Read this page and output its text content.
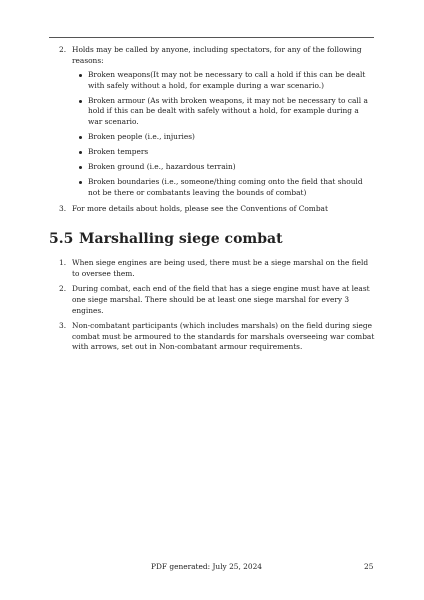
2. Holds may be called by anyone, including spectators, for any of the following reasons:
Broken weapons(It may not be necessary to call a hold if this can be dealt with safely without a hold, for example during a war scenario.)
Broken armour (As with broken weapons, it may not be necessary to call a hold if this can be dealt with safely without a hold, for example during a war scenario.
Broken people (i.e., injuries)
Broken tempers
Broken ground (i.e., hazardous terrain)
Broken boundaries (i.e., someone/thing coming onto the field that should not be there or combatants leaving the bounds of combat)
3. For more details about holds, please see the Conventions of Combat
5.5 Marshalling siege combat
1. When siege engines are being used, there must be a siege marshal on the field to oversee them.
2. During combat, each end of the field that has a siege engine must have at least one siege marshal. There should be at least one siege marshal for every 3 engines.
3. Non-combatant participants (which includes marshals) on the field during siege combat must be armoured to the standards for marshals overseeing war combat with arrows, set out in Non-combatant armour requirements.
PDF generated: July 25, 2024	25
